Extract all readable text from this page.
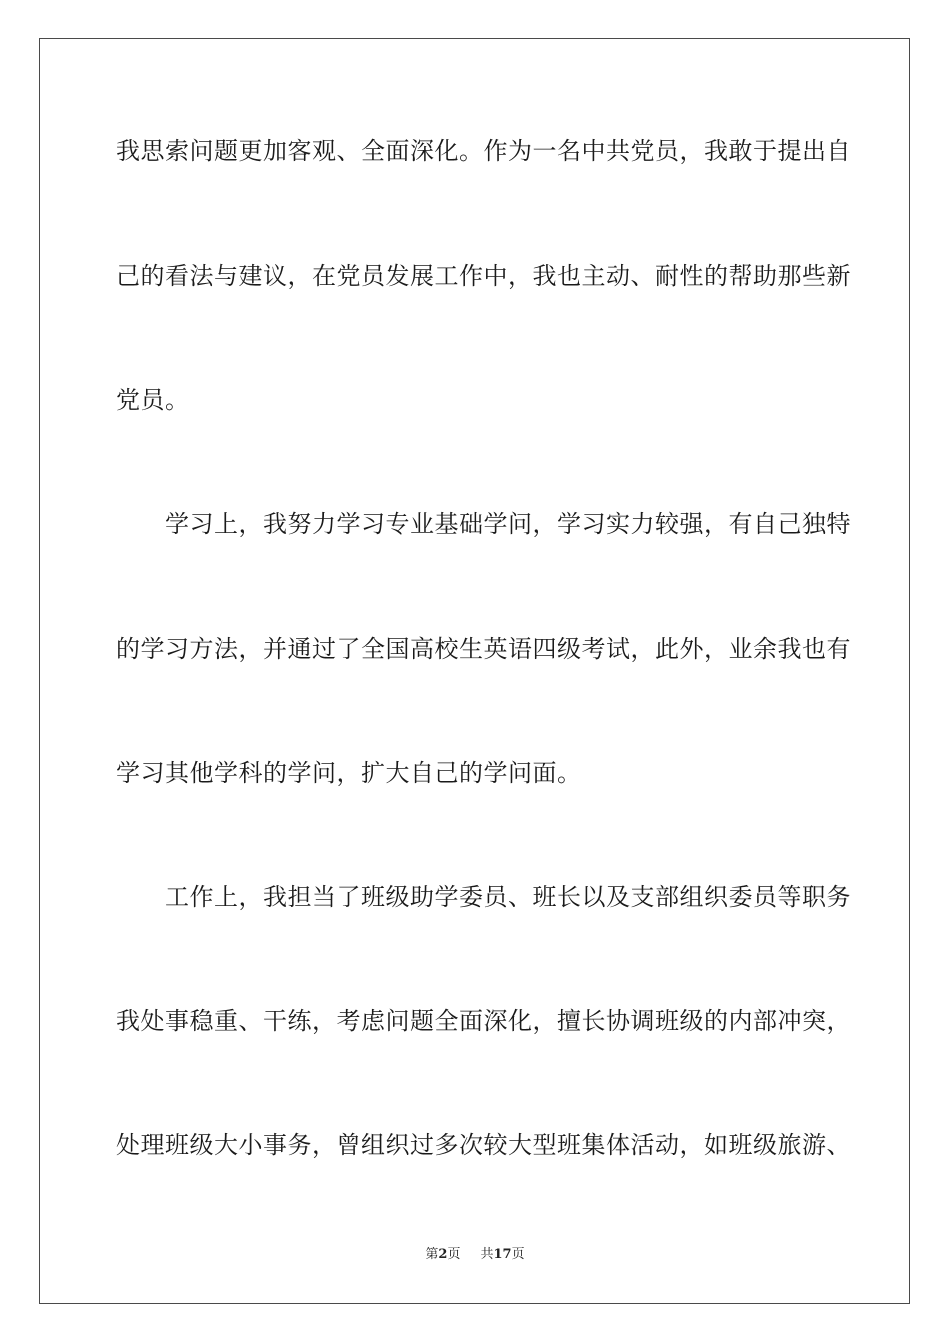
我思索问题更加客观、全面深化。作为一名中共党员，我敢于提出自
己的看法与建议，在党员发展工作中，我也主动、耐性的帮助那些新
党员。
　　学习上，我努力学习专业基础学问，学习实力较强，有自己独特
的学习方法，并通过了全国高校生英语四级考试，此外，业余我也有
学习其他学科的学问，扩大自己的学问面。
　　工作上，我担当了班级助学委员、班长以及支部组织委员等职务
我处事稳重、干练，考虑问题全面深化，擅长协调班级的内部冲突，
处理班级大小事务，曾组织过多次较大型班集体活动，如班级旅游、
第2页 共17页
